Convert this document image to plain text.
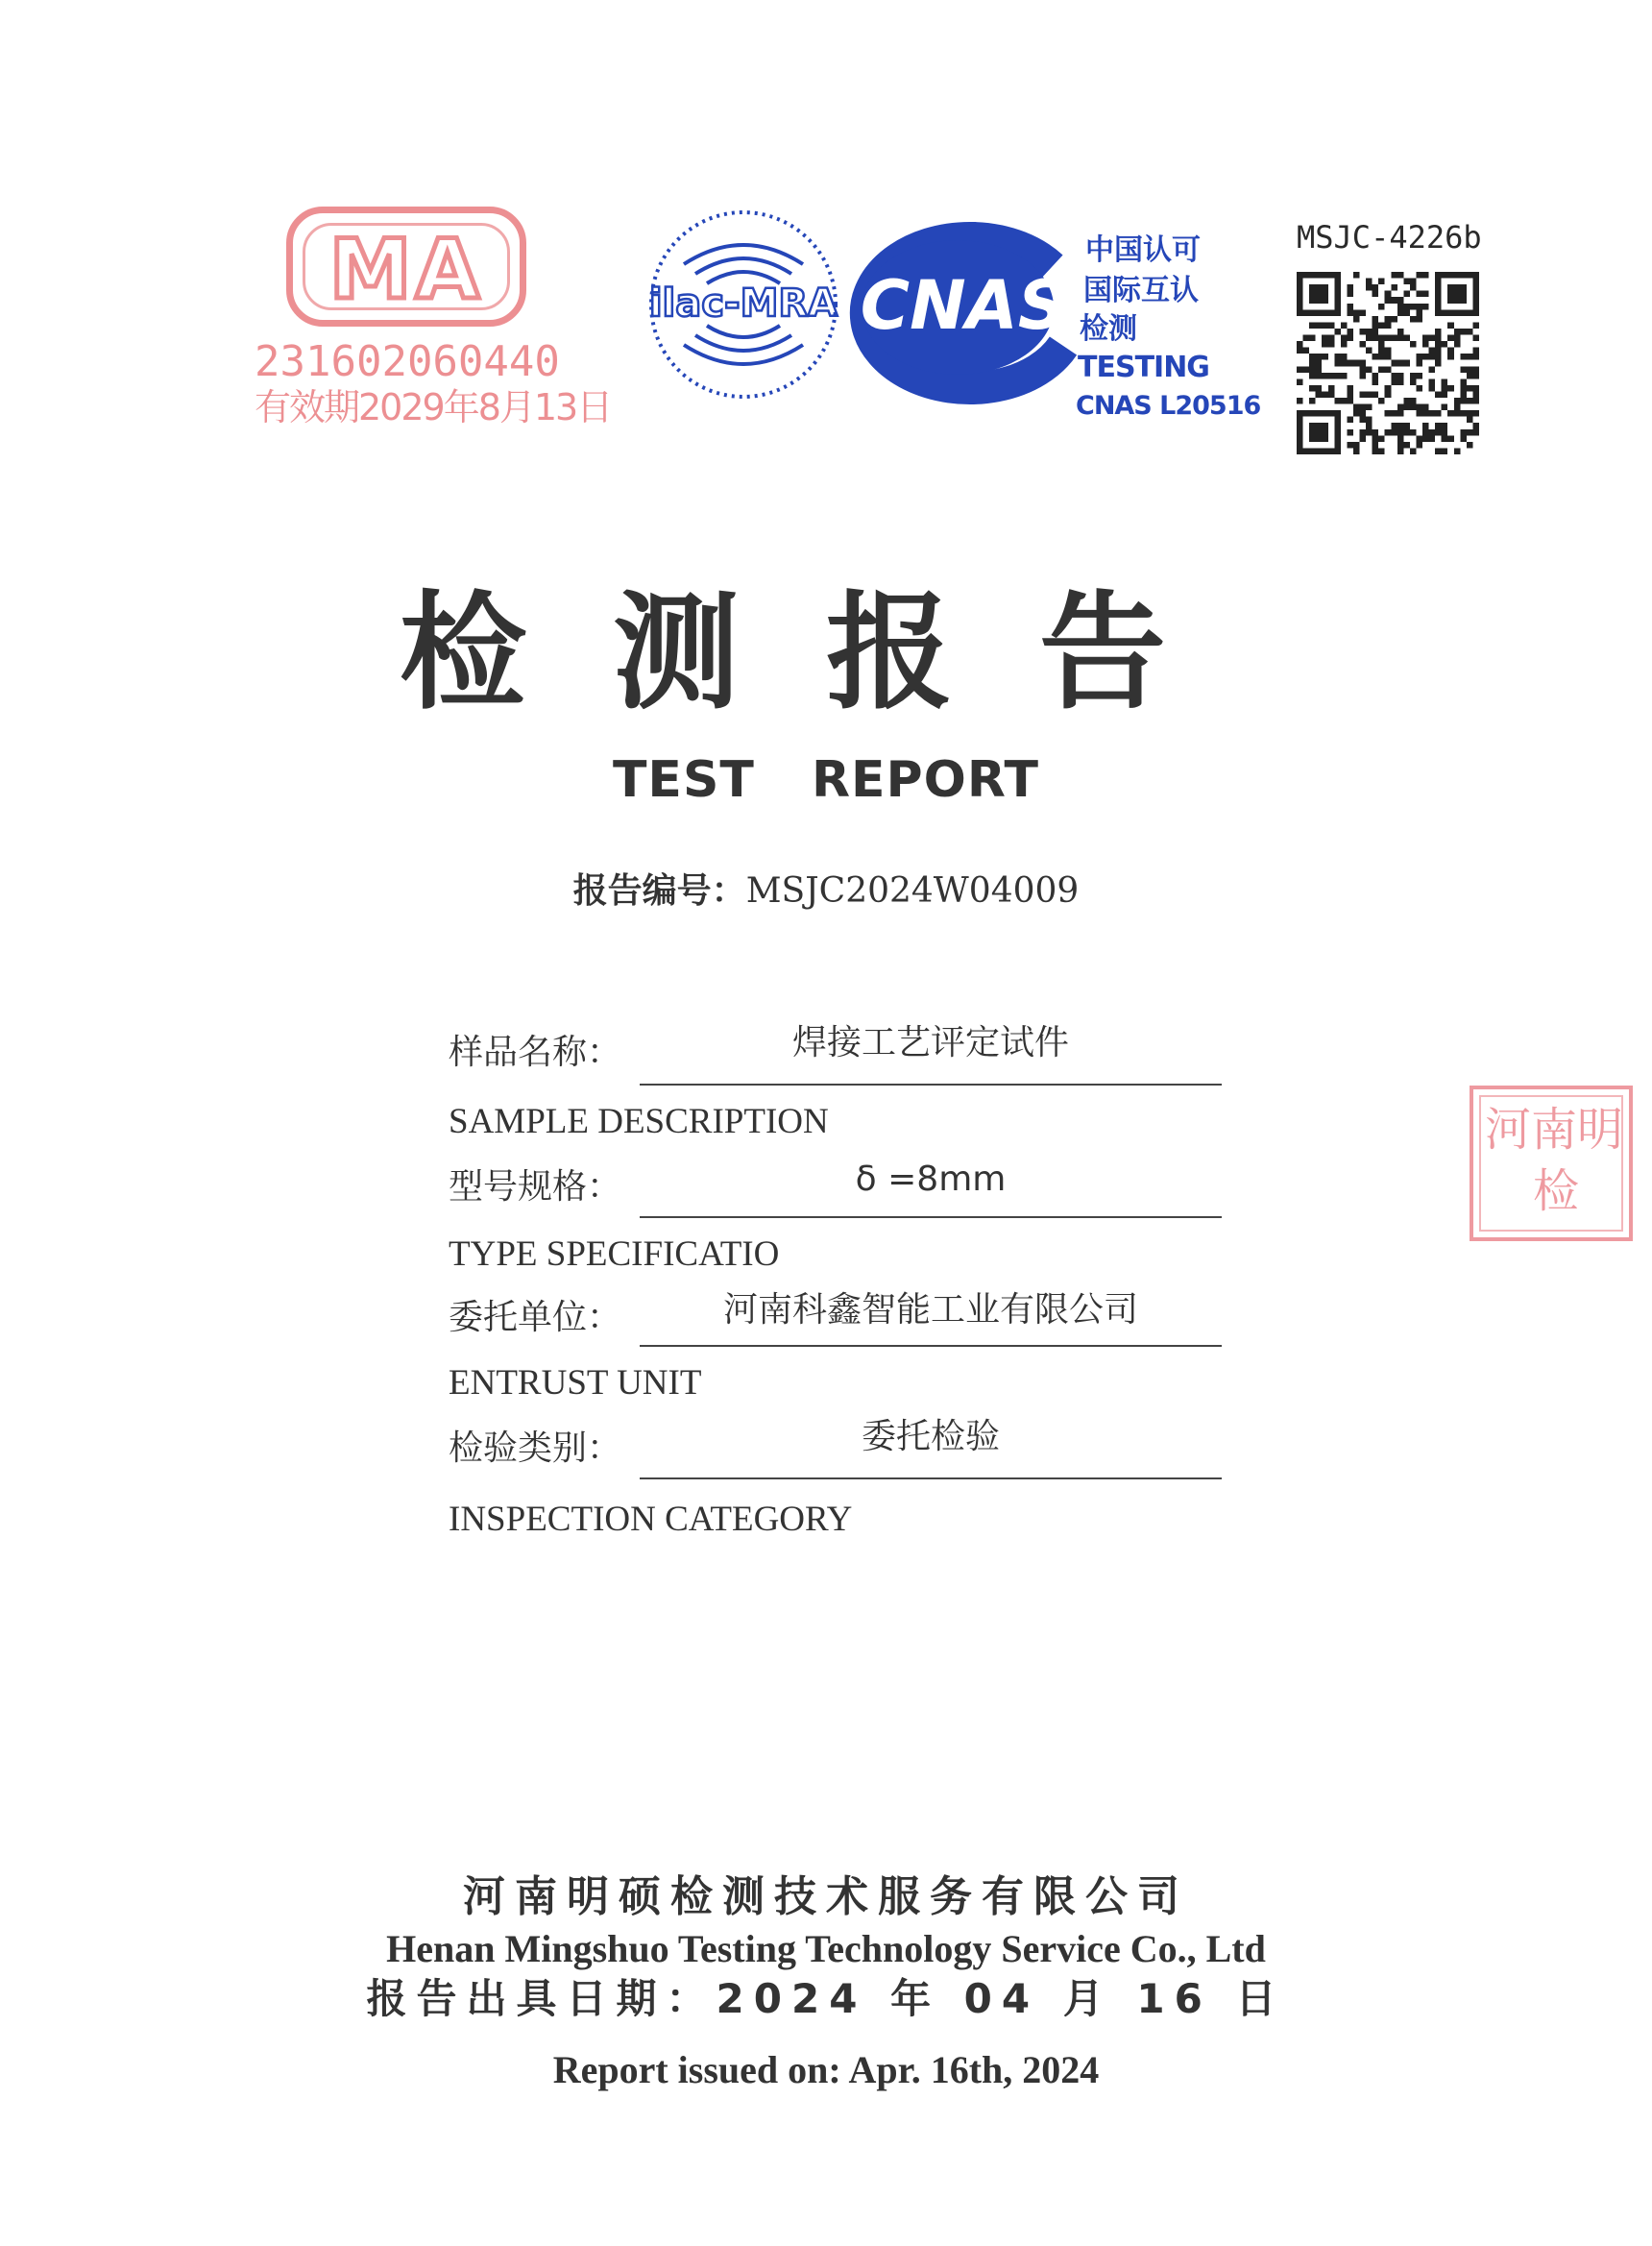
MA
231602060440
有效期2029年8月13日
ilac-MRA CNAS
中国认可
国际互认
检测
TESTING
CNAS L20516
MSJC-4226b
检测报告
TEST REPORT
报告编号：MSJC2024W04009
样品名称：	焊接工艺评定试件
SAMPLE DESCRIPTION
型号规格：	δ =8mm
TYPE SPECIFICATIO
委托单位：	河南科鑫智能工业有限公司
ENTRUST UNIT
检验类别：	委托检验
INSPECTION CATEGORY
河南明
检
河南明硕检测技术服务有限公司
Henan Mingshuo Testing Technology Service Co., Ltd
报告出具日期：2024 年 04 月 16 日
Report issued on: Apr. 16th, 2024
